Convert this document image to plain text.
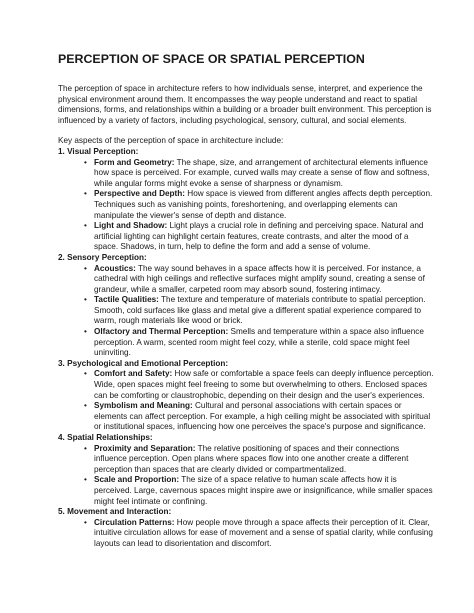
PERCEPTION OF SPACE OR SPATIAL PERCEPTION

The perception of space in architecture refers to how individuals sense, interpret, and experience the physical environment around them. It encompasses the way people understand and react to spatial dimensions, forms, and relationships within a building or a broader built environment. This perception is influenced by a variety of factors, including psychological, sensory, cultural, and social elements.

Key aspects of the perception of space in architecture include:

1. Visual Perception:
• Form and Geometry: The shape, size, and arrangement of architectural elements influence how space is perceived. For example, curved walls may create a sense of flow and softness, while angular forms might evoke a sense of sharpness or dynamism.
• Perspective and Depth: How space is viewed from different angles affects depth perception. Techniques such as vanishing points, foreshortening, and overlapping elements can manipulate the viewer's sense of depth and distance.
• Light and Shadow: Light plays a crucial role in defining and perceiving space. Natural and artificial lighting can highlight certain features, create contrasts, and alter the mood of a space. Shadows, in turn, help to define the form and add a sense of volume.
2. Sensory Perception:
• Acoustics: The way sound behaves in a space affects how it is perceived. For instance, a cathedral with high ceilings and reflective surfaces might amplify sound, creating a sense of grandeur, while a smaller, carpeted room may absorb sound, fostering intimacy.
• Tactile Qualities: The texture and temperature of materials contribute to spatial perception. Smooth, cold surfaces like glass and metal give a different spatial experience compared to warm, rough materials like wood or brick.
• Olfactory and Thermal Perception: Smells and temperature within a space also influence perception. A warm, scented room might feel cozy, while a sterile, cold space might feel uninviting.
3. Psychological and Emotional Perception:
• Comfort and Safety: How safe or comfortable a space feels can deeply influence perception. Wide, open spaces might feel freeing to some but overwhelming to others. Enclosed spaces can be comforting or claustrophobic, depending on their design and the user's experiences.
• Symbolism and Meaning: Cultural and personal associations with certain spaces or elements can affect perception. For example, a high ceiling might be associated with spiritual or institutional spaces, influencing how one perceives the space's purpose and significance.
4. Spatial Relationships:
• Proximity and Separation: The relative positioning of spaces and their connections influence perception. Open plans where spaces flow into one another create a different perception than spaces that are clearly divided or compartmentalized.
• Scale and Proportion: The size of a space relative to human scale affects how it is perceived. Large, cavernous spaces might inspire awe or insignificance, while smaller spaces might feel intimate or confining.
5. Movement and Interaction:
• Circulation Patterns: How people move through a space affects their perception of it. Clear, intuitive circulation allows for ease of movement and a sense of spatial clarity, while confusing layouts can lead to disorientation and discomfort.
